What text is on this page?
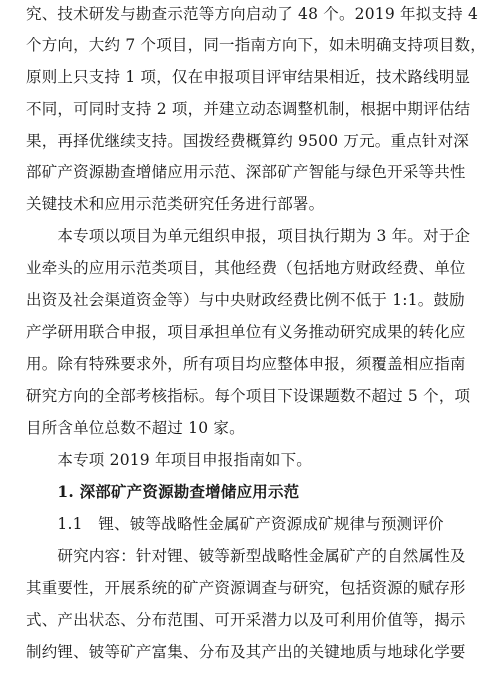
究、技术研发与勘查示范等方向启动了 48 个。2019 年拟支持 4
个方向，大约 7 个项目，同一指南方向下，如未明确支持项目数，
原则上只支持 1 项，仅在申报项目评审结果相近，技术路线明显
不同，可同时支持 2 项，并建立动态调整机制，根据中期评估结
果，再择优继续支持。国拨经费概算约 9500 万元。重点针对深
部矿产资源勘查增储应用示范、深部矿产智能与绿色开采等共性
关键技术和应用示范类研究任务进行部署。
　　本专项以项目为单元组织申报，项目执行期为 3 年。对于企
业牵头的应用示范类项目，其他经费（包括地方财政经费、单位
出资及社会渠道资金等）与中央财政经费比例不低于 1:1。鼓励
产学研用联合申报，项目承担单位有义务推动研究成果的转化应
用。除有特殊要求外，所有项目均应整体申报，须覆盖相应指南
研究方向的全部考核指标。每个项目下设课题数不超过 5 个，项
目所含单位总数不超过 10 家。
　　本专项 2019 年项目申报指南如下。
　　1. 深部矿产资源勘查增储应用示范
　　1.1　锂、铍等战略性金属矿产资源成矿规律与预测评价
　　研究内容：针对锂、铍等新型战略性金属矿产的自然属性及
其重要性，开展系统的矿产资源调查与研究，包括资源的赋存形
式、产出状态、分布范围、可开采潜力以及可利用价值等，揭示
制约锂、铍等矿产富集、分布及其产出的关键地质与地球化学要
